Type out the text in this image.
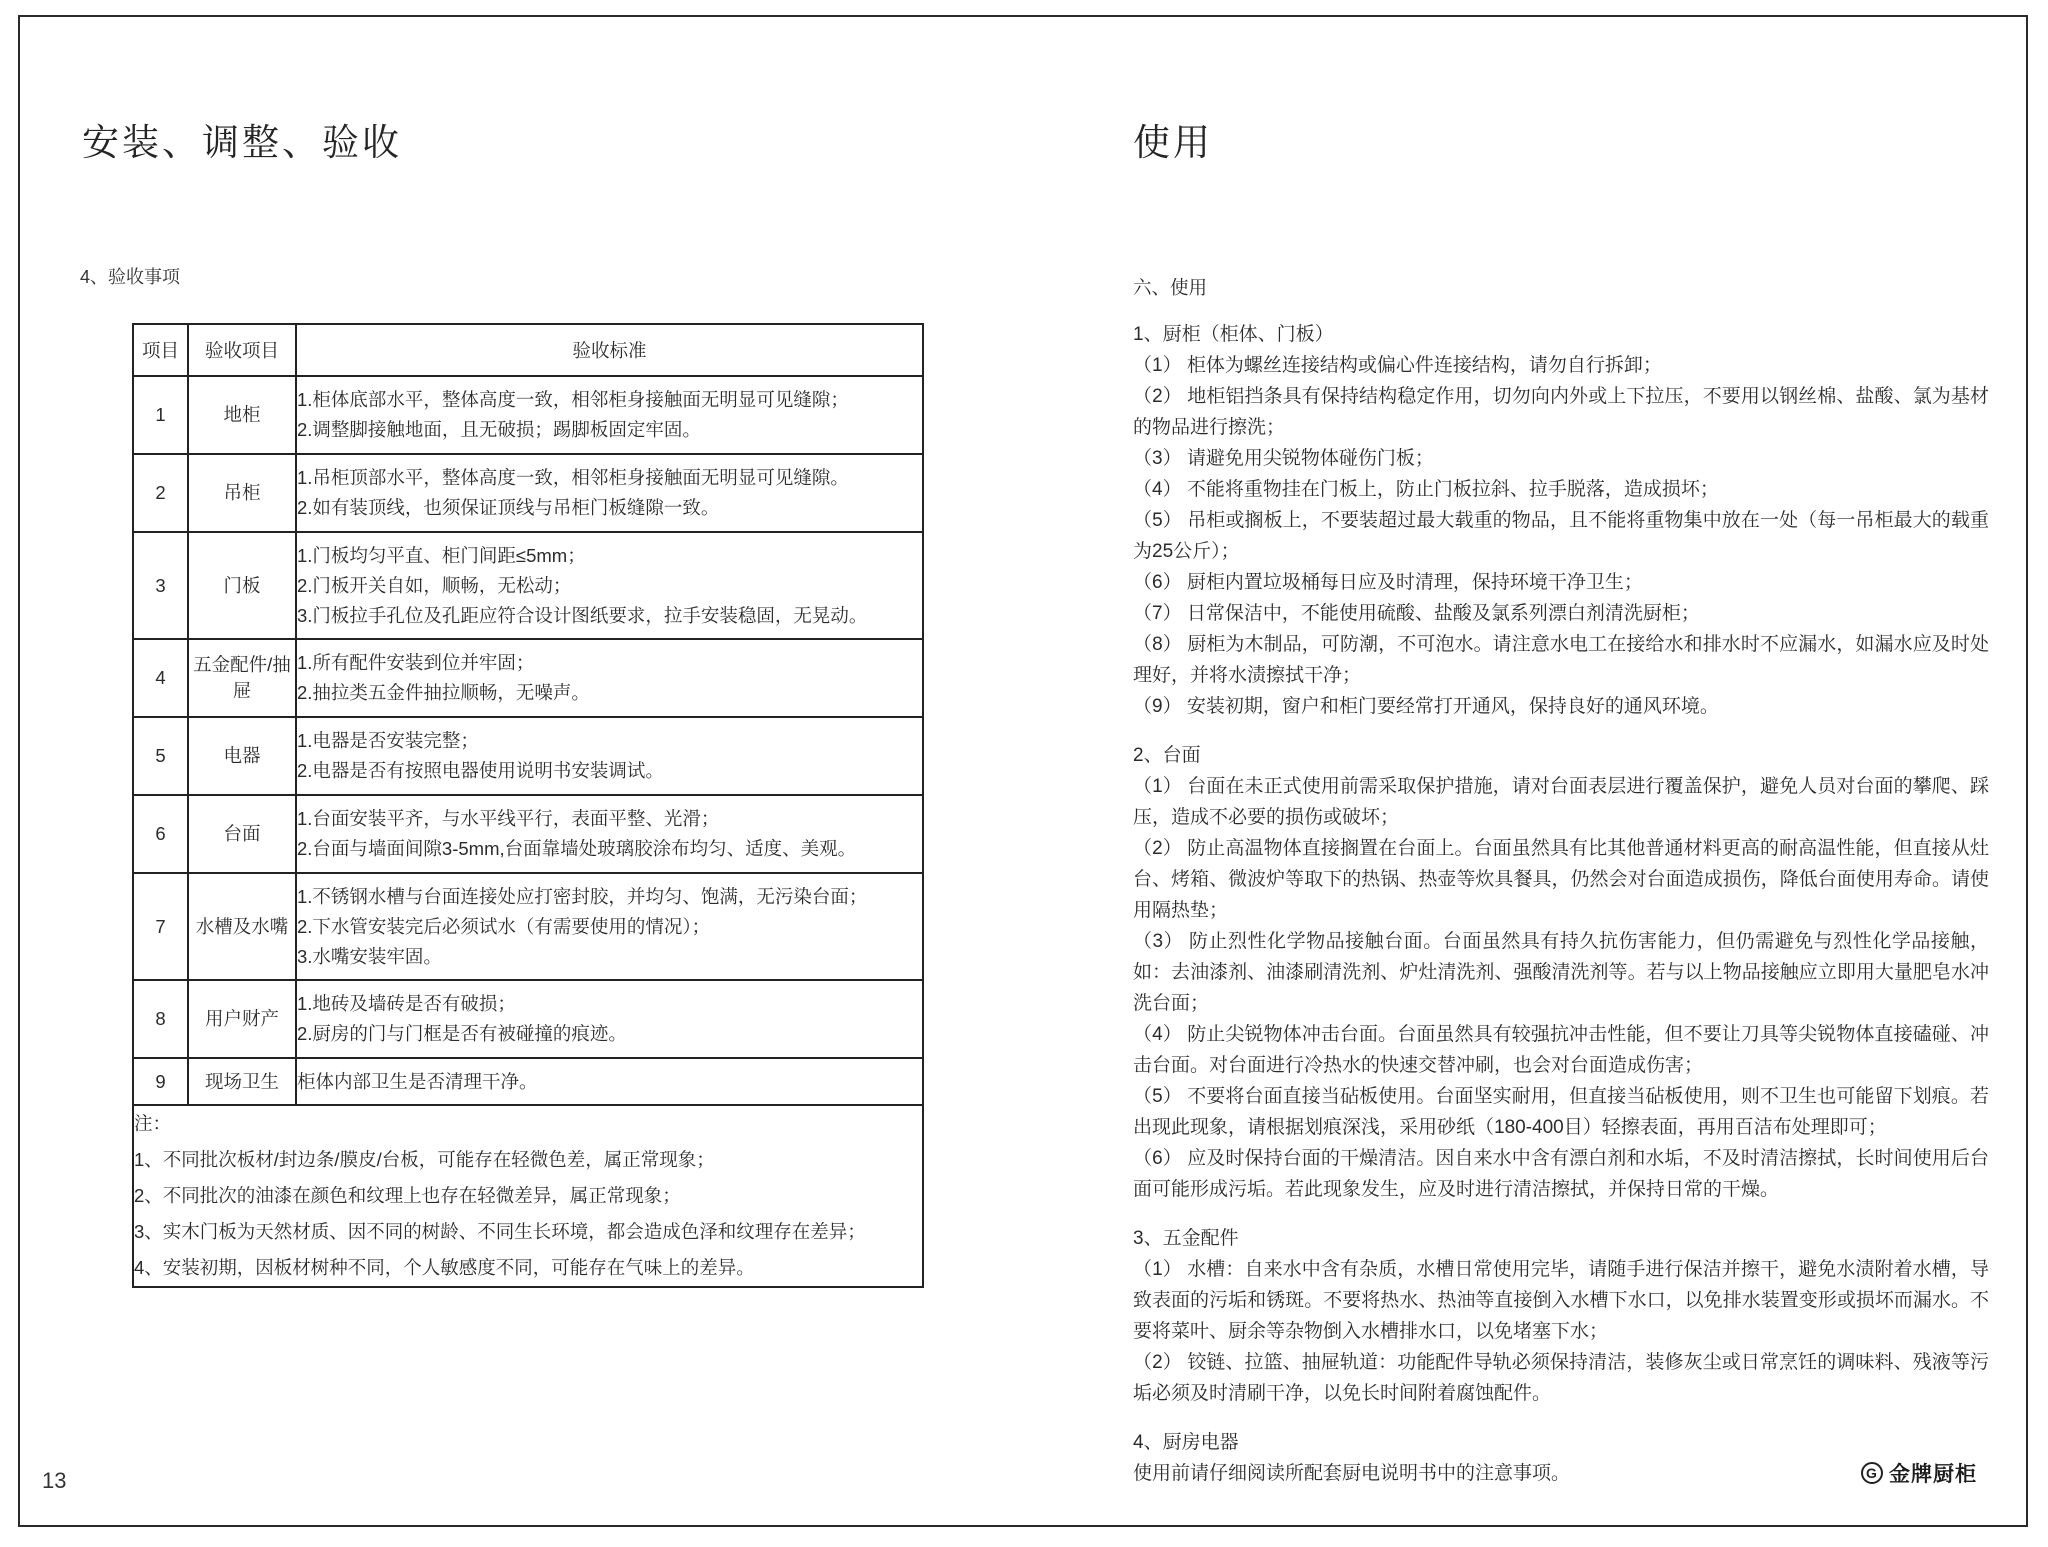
安装、调整、验收
4、验收事项
项目	验收项目	验收标准
1	地柜	1.柜体底部水平，整体高度一致，相邻柜身接触面无明显可见缝隙；
2.调整脚接触地面，且无破损；踢脚板固定牢固。

2	吊柜	1.吊柜顶部水平，整体高度一致，相邻柜身接触面无明显可见缝隙。
2.如有装顶线，也须保证顶线与吊柜门板缝隙一致。

3	门板	1.门板均匀平直、柜门间距≤5mm；
2.门板开关自如，顺畅，无松动；
3.门板拉手孔位及孔距应符合设计图纸要求，拉手安装稳固，无晃动。

4	五金配件/抽屉	1.所有配件安装到位并牢固；
2.抽拉类五金件抽拉顺畅，无噪声。

5	电器	1.电器是否安装完整；
2.电器是否有按照电器使用说明书安装调试。

6	台面	1.台面安装平齐，与水平线平行，表面平整、光滑；
2.台面与墙面间隙3-5mm,台面靠墙处玻璃胶涂布均匀、适度、美观。

7	水槽及水嘴	1.不锈钢水槽与台面连接处应打密封胶，并均匀、饱满，无污染台面；
2.下水管安装完后必须试水（有需要使用的情况）；
3.水嘴安装牢固。

8	用户财产	1.地砖及墙砖是否有破损；
2.厨房的门与门框是否有被碰撞的痕迹。

9	现场卫生	柜体内部卫生是否清理干净。

注：
1、不同批次板材/封边条/膜皮/台板，可能存在轻微色差，属正常现象；
2、不同批次的油漆在颜色和纹理上也存在轻微差异，属正常现象；
3、实木门板为天然材质、因不同的树龄、不同生长环境，都会造成色泽和纹理存在差异；
4、安装初期，因板材树种不同，个人敏感度不同，可能存在气味上的差异。		
使用

六、使用

1、厨柜（柜体、门板）

（1） 柜体为螺丝连接结构或偏心件连接结构，请勿自行拆卸；

（2） 地柜铝挡条具有保持结构稳定作用，切勿向内外或上下拉压，不要用以钢丝棉、盐酸、氯为基材的物品进行擦洗；

（3） 请避免用尖锐物体碰伤门板；

（4） 不能将重物挂在门板上，防止门板拉斜、拉手脱落，造成损坏；

（5） 吊柜或搁板上，不要装超过最大载重的物品，且不能将重物集中放在一处（每一吊柜最大的载重为25公斤）；

（6） 厨柜内置垃圾桶每日应及时清理，保持环境干净卫生；

（7） 日常保洁中，不能使用硫酸、盐酸及氯系列漂白剂清洗厨柜；

（8） 厨柜为木制品，可防潮，不可泡水。请注意水电工在接给水和排水时不应漏水，如漏水应及时处理好，并将水渍擦拭干净；

（9） 安装初期，窗户和柜门要经常打开通风，保持良好的通风环境。

2、台面

（1） 台面在未正式使用前需采取保护措施，请对台面表层进行覆盖保护，避免人员对台面的攀爬、踩压，造成不必要的损伤或破坏；

（2） 防止高温物体直接搁置在台面上。台面虽然具有比其他普通材料更高的耐高温性能，但直接从灶台、烤箱、微波炉等取下的热锅、热壶等炊具餐具，仍然会对台面造成损伤，降低台面使用寿命。请使用隔热垫；

（3） 防止烈性化学物品接触台面。台面虽然具有持久抗伤害能力，但仍需避免与烈性化学品接触，如：去油漆剂、油漆刷清洗剂、炉灶清洗剂、强酸清洗剂等。若与以上物品接触应立即用大量肥皂水冲洗台面；

（4） 防止尖锐物体冲击台面。台面虽然具有较强抗冲击性能，但不要让刀具等尖锐物体直接磕碰、冲击台面。对台面进行冷热水的快速交替冲刷，也会对台面造成伤害；

（5） 不要将台面直接当砧板使用。台面坚实耐用，但直接当砧板使用，则不卫生也可能留下划痕。若出现此现象，请根据划痕深浅，采用砂纸（180-400目）轻擦表面，再用百洁布处理即可；

（6） 应及时保持台面的干燥清洁。因自来水中含有漂白剂和水垢，不及时清洁擦拭，长时间使用后台面可能形成污垢。若此现象发生，应及时进行清洁擦拭，并保持日常的干燥。

3、五金配件

（1） 水槽：自来水中含有杂质，水槽日常使用完毕，请随手进行保洁并擦干，避免水渍附着水槽，导致表面的污垢和锈斑。不要将热水、热油等直接倒入水槽下水口，以免排水装置变形或损坏而漏水。不要将菜叶、厨余等杂物倒入水槽排水口，以免堵塞下水；

（2） 铰链、拉篮、抽屉轨道：功能配件导轨必须保持清洁，装修灰尘或日常烹饪的调味料、残液等污垢必须及时清刷干净，以免长时间附着腐蚀配件。

4、厨房电器

使用前请仔细阅读所配套厨电说明书中的注意事项。

13	G 金牌厨柜
